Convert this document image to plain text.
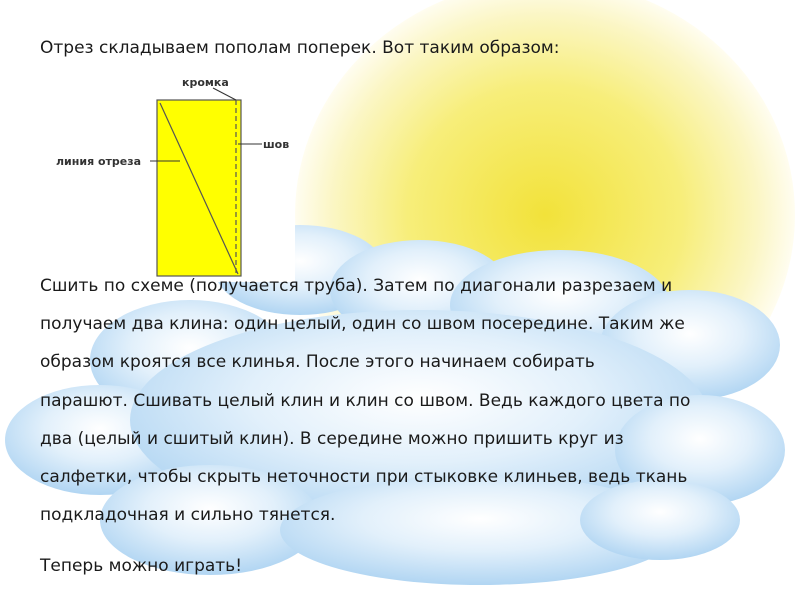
кромка
шов
линия отреза

Отрез складываем пополам поперек. Вот таким образом:

Сшить по схеме (получается труба). Затем по диагонали разрезаем и
получаем два клина: один целый, один со швом посередине. Таким же
образом кроятся все клинья. После этого начинаем собирать
парашют. Сшивать целый клин и клин со швом. Ведь каждого цвета по
два (целый и сшитый клин). В середине можно пришить круг из
салфетки, чтобы скрыть неточности при стыковке клиньев, ведь ткань
подкладочная и сильно тянется.

Теперь можно играть!
